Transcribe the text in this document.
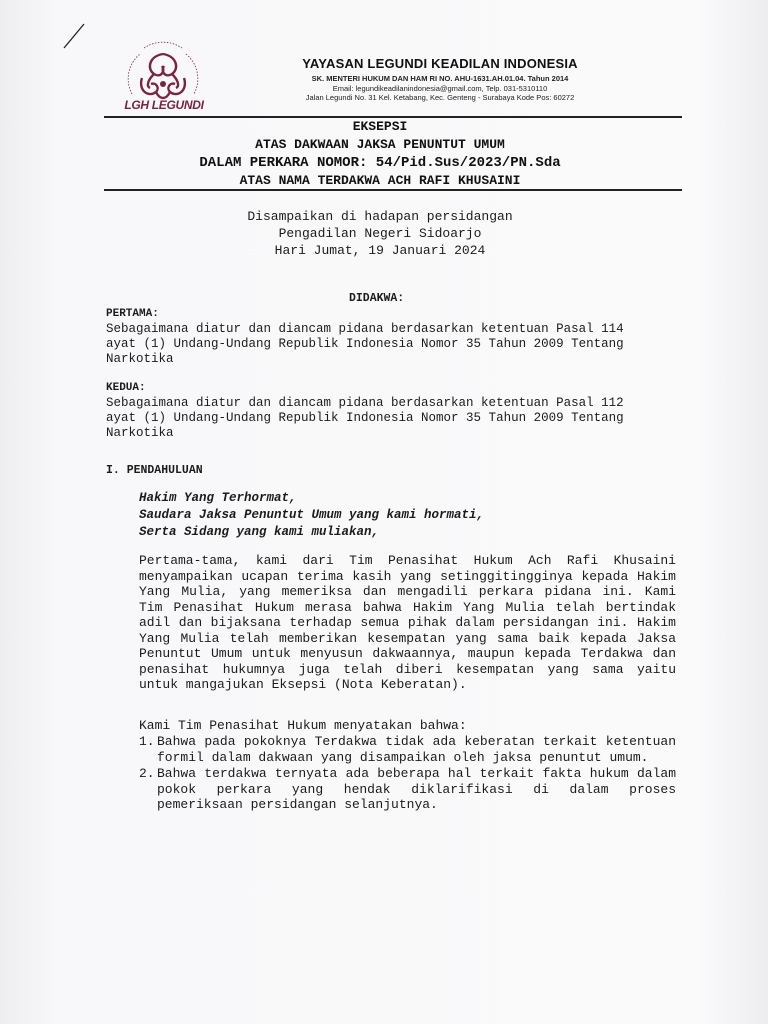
LGH LEGUNDI
YAYASAN LEGUNDI KEADILAN INDONESIA
SK. MENTERI HUKUM DAN HAM RI NO. AHU-1631.AH.01.04. Tahun 2014
Email: legundikeadilanindonesia@gmail.com, Telp. 031-5310110
Jalan Legundi No. 31 Kel. Ketabang, Kec. Genteng - Surabaya Kode Pos: 60272
EKSEPSI
ATAS DAKWAAN JAKSA PENUNTUT UMUM
DALAM PERKARA NOMOR: 54/Pid.Sus/2023/PN.Sda
ATAS NAMA TERDAKWA ACH RAFI KHUSAINI
Disampaikan di hadapan persidangan
Pengadilan Negeri Sidoarjo
Hari Jumat, 19 Januari 2024
DIDAKWA:
PERTAMA:
Sebagaimana diatur dan diancam pidana berdasarkan ketentuan Pasal 114
ayat (1) Undang-Undang Republik Indonesia Nomor 35 Tahun 2009 Tentang
Narkotika
KEDUA:
Sebagaimana diatur dan diancam pidana berdasarkan ketentuan Pasal 112
ayat (1) Undang-Undang Republik Indonesia Nomor 35 Tahun 2009 Tentang
Narkotika
I. PENDAHULUAN
Hakim Yang Terhormat,
Saudara Jaksa Penuntut Umum yang kami hormati,
Serta Sidang yang kami muliakan,
Pertama-tama, kami dari Tim Penasihat Hukum Ach Rafi Khusaini menyampaikan ucapan terima kasih yang setinggitingginya kepada Hakim Yang Mulia, yang memeriksa dan mengadili perkara pidana ini. Kami Tim Penasihat Hukum merasa bahwa Hakim Yang Mulia telah bertindak adil dan bijaksana terhadap semua pihak dalam persidangan ini. Hakim Yang Mulia telah memberikan kesempatan yang sama baik kepada Jaksa Penuntut Umum untuk menyusun dakwaannya, maupun kepada Terdakwa dan penasihat hukumnya juga telah diberi kesempatan yang sama yaitu untuk mangajukan Eksepsi (Nota Keberatan).
Kami Tim Penasihat Hukum menyatakan bahwa:
1. Bahwa pada pokoknya Terdakwa tidak ada keberatan terkait ketentuan formil dalam dakwaan yang disampaikan oleh jaksa penuntut umum.
2. Bahwa terdakwa ternyata ada beberapa hal terkait fakta hukum dalam pokok perkara yang hendak diklarifikasi di dalam proses pemeriksaan persidangan selanjutnya.
